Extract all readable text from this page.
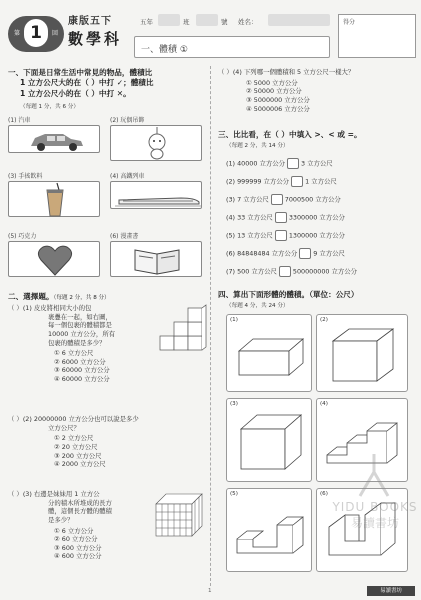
第 1	回
康版五下
數學科
五年	班	號 姓名：
一、體積 ①
得分
一、下面是日常生活中常見的物品，體積比
1 立方公尺大的在（ ）中打 ✓；體積比
1 立方公尺小的在（ ）中打 ✕。
（每題 1 分，共 6 分）
(1) 汽車	(2) 玩偶吊飾
(3) 手搖飲料	(4) 高鐵列車
(5) 巧克力	(6) 漫畫書
二、選擇題。（每題 2 分，共 8 分）
（ ）(1) 皮皮將相同大小的包
裹疊在一起，如右圖，
每一個包裹的體積都是
10000 立方公分，所有
包裹的體積是多少？
① 6 立方公尺
② 6000 立方公分
③ 60000 立方公分
④ 60000 立方公分
（ ）(2) 20000000 立方公分也可以說是多少
立方公尺？
① 2 立方公尺
② 20 立方公尺
③ 200 立方公尺
④ 2000 立方公尺
（ ）(3) 右邊是妹妹用 1 立方公
分的積木所堆成的長方
體，這個長方體的體積
是多少？
① 6 立方公分
② 60 立方公分
③ 600 立方公分
④ 600 立方公分
（ ）(4) 下列哪一個體積和 5 立方公尺一樣大？
① 5000 立方公分
② 50000 立方公分
③ 5000000 立方公分
④ 5000006 立方公分
三、比比看，在（ ）中填入 >、< 或 =。
（每題 2 分，共 14 分）
(1) 40000 立方公分	3 立方公尺
(2) 999999 立方公分	1 立方公尺
(3) 7 立方公尺	7000500 立方公分
(4) 33 立方公尺	3300000 立方公分
(5) 13 立方公尺	1300000 立方公分
(6) 84848484 立方公分	9 立方公尺
(7) 500 立方公尺	500000000 立方公分
四、算出下面形體的體積。（單位：公尺）
（每題 4 分，共 24 分）
(1)	(2)
(3)	(4)
(5)	(6)
YIDU BOOKS
易讀書坊
1	易讀書坊
